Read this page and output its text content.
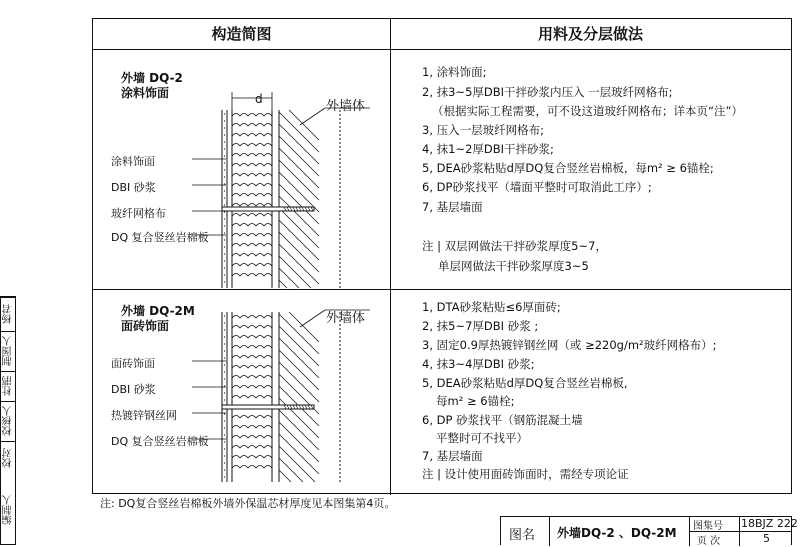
构造简图	用料及分层做法
外墙 DQ-2
涂料饰面
涂料饰面
DBI 砂浆
玻纤网格布
DQ 复合竖丝岩棉板
外墙体
d
1, 涂料饰面;
2, 抹3~5厚DBI干拌砂浆内压入 一层玻纤网格布;
（根据实际工程需要，可不设这道玻纤网格布；详本页“注”）
3, 压入一层玻纤网格布;
4, 抹1~2厚DBI干拌砂浆;
5, DEA砂浆粘贴d厚DQ复合竖丝岩棉板，每m² ≥ 6锚栓;
6, DP砂浆找平（墙面平整时可取消此工序）;
7, 基层墙面
注 | 双层网做法干拌砂浆厚度5~7，
单层网做法干拌砂浆厚度3~5
外墙 DQ-2M
面砖饰面
面砖饰面
DBI 砂浆
热镀锌钢丝网
DQ 复合竖丝岩棉板
外墙体
1, DTA砂浆粘贴≤6厚面砖;
2, 抹5~7厚DBI 砂浆 ;
3, 固定0.9厚热镀锌钢丝网（或 ≥220g/m²玻纤网格布）;
4, 抹3~4厚DBI 砂浆;
5, DEA砂浆粘贴d厚DQ复合竖丝岩棉板,
每m² ≥ 6锚栓;
6, DP 砂浆找平（钢筋混凝土墙
平整时可不找平）
7, 基层墙面
注 | 设计使用面砖饰面时，需经专项论证
注: DQ复合竖丝岩棉板外墙外保温芯材厚度见本图集第4页。
杨君
制图人
杜鹃
校核人
校对
编制人
图名 外墙DQ-2 、DQ-2M 图集号 18BJZ 222
页 次	5
